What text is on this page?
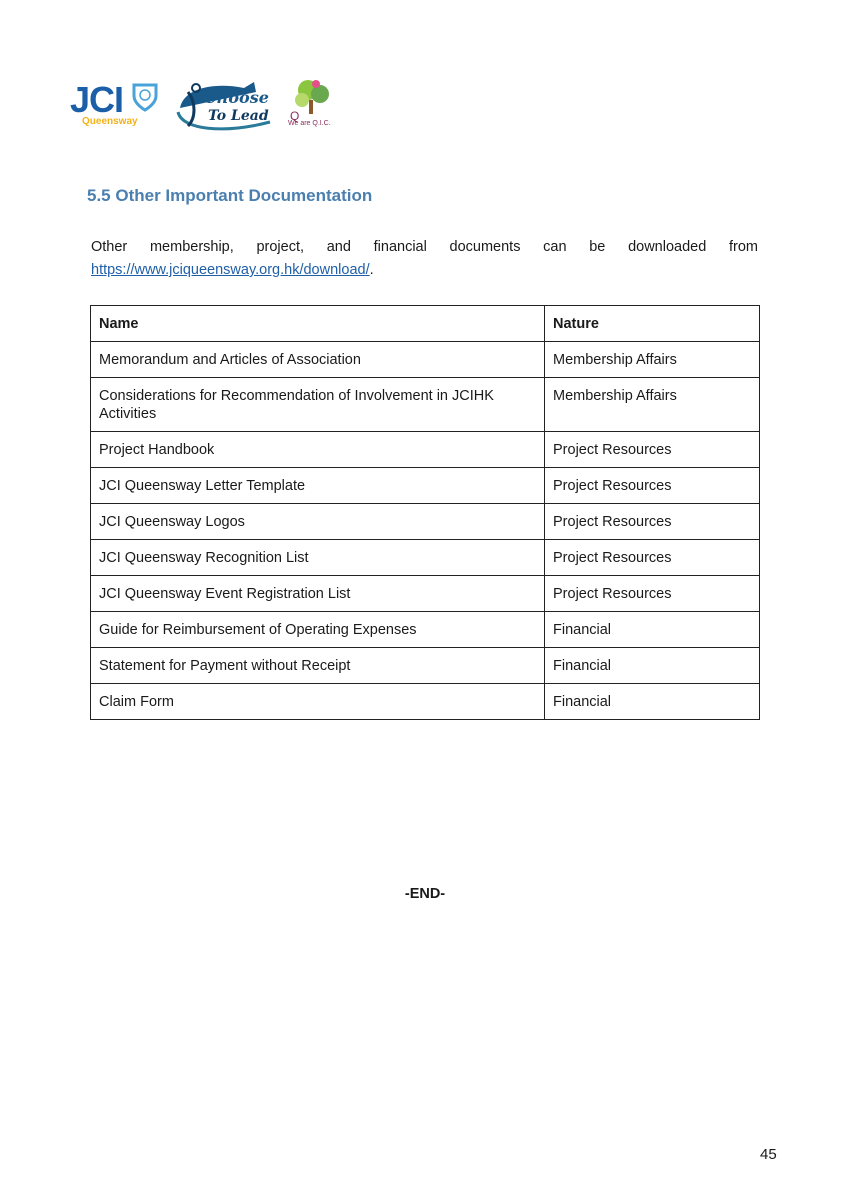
JCI
Queensway
Choose
To Lead Q
We are Q.I.C.
5.5 Other Important Documentation

Other membership, project, and financial documents can be downloaded from https://www.jciqueensway.org.hk/download/.

Name	Nature
Memorandum and Articles of Association	Membership Affairs
Considerations for Recommendation of Involvement in JCIHK Activities	Membership Affairs
Project Handbook	Project Resources
JCI Queensway Letter Template	Project Resources
JCI Queensway Logos	Project Resources
JCI Queensway Recognition List	Project Resources
JCI Queensway Event Registration List	Project Resources
Guide for Reimbursement of Operating Expenses	Financial
Statement for Payment without Receipt	Financial
Claim Form	Financial
-END-
45
